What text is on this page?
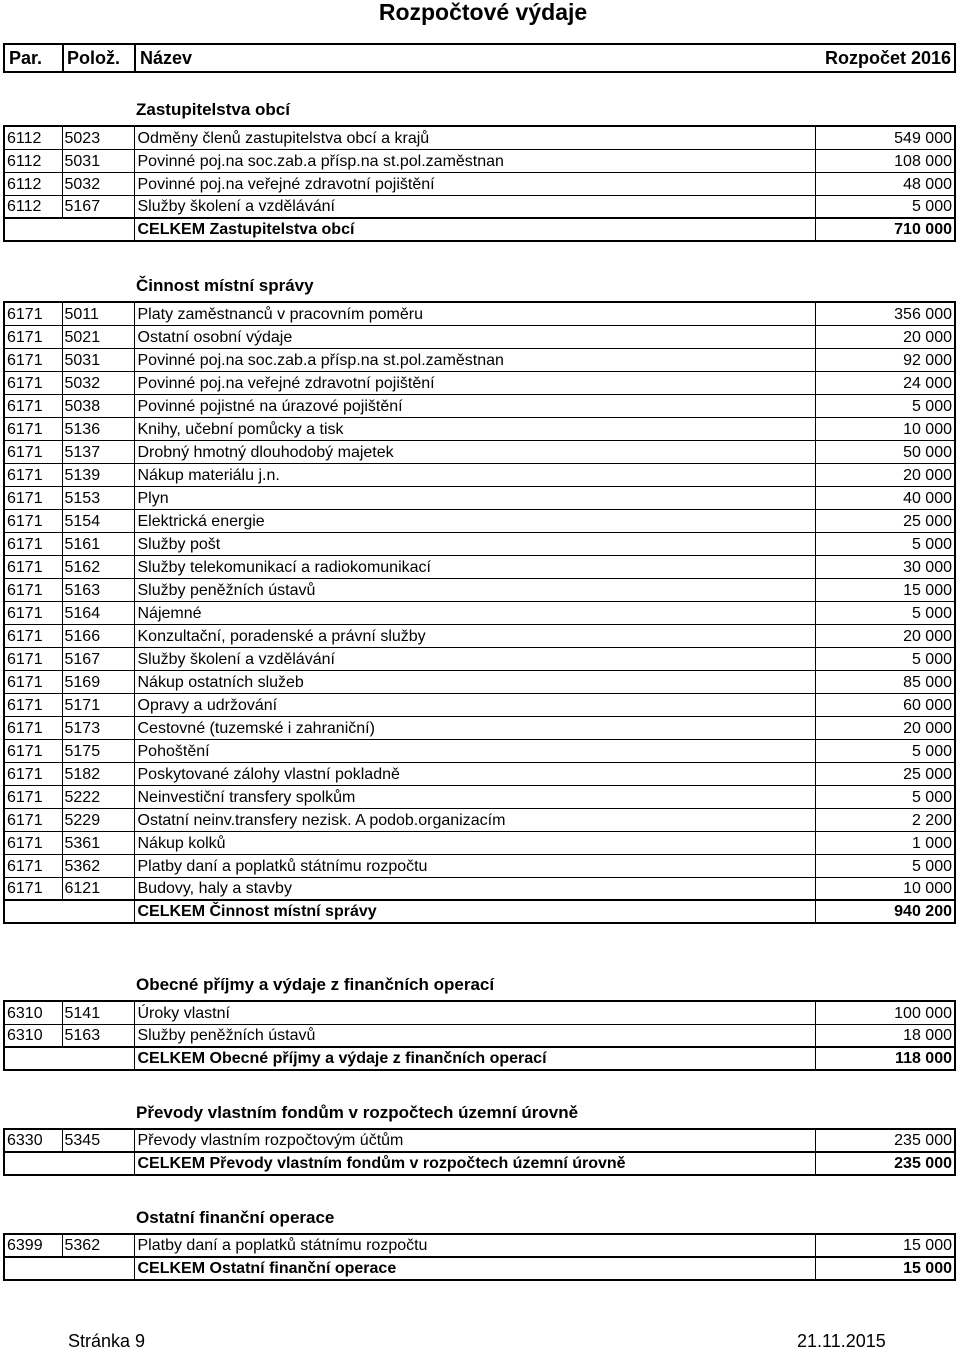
Rozpočtové výdaje
Par.	Polož.	Název	Rozpočet 2016
Zastupitelstva obcí
6112	5023	Odměny členů zastupitelstva obcí a krajů	549 000
6112	5031	Povinné poj.na soc.zab.a přísp.na st.pol.zaměstnan	108 000
6112	5032	Povinné poj.na veřejné zdravotní pojištění	48 000
6112	5167	Služby školení a vzdělávání	5 000
		CELKEM Zastupitelstva obcí	710 000
Činnost místní správy
6171	5011	Platy zaměstnanců v pracovním poměru	356 000
6171	5021	Ostatní osobní výdaje	20 000
6171	5031	Povinné poj.na soc.zab.a přísp.na st.pol.zaměstnan	92 000
6171	5032	Povinné poj.na veřejné zdravotní pojištění	24 000
6171	5038	Povinné pojistné na úrazové pojištění	5 000
6171	5136	Knihy, učební pomůcky a tisk	10 000
6171	5137	Drobný hmotný dlouhodobý majetek	50 000
6171	5139	Nákup materiálu j.n.	20 000
6171	5153	Plyn	40 000
6171	5154	Elektrická energie	25 000
6171	5161	Služby pošt	5 000
6171	5162	Služby telekomunikací a radiokomunikací	30 000
6171	5163	Služby peněžních ústavů	15 000
6171	5164	Nájemné	5 000
6171	5166	Konzultační, poradenské a právní služby	20 000
6171	5167	Služby školení a vzdělávání	5 000
6171	5169	Nákup ostatních služeb	85 000
6171	5171	Opravy a udržování	60 000
6171	5173	Cestovné (tuzemské i zahraniční)	20 000
6171	5175	Pohoštění	5 000
6171	5182	Poskytované zálohy vlastní pokladně	25 000
6171	5222	Neinvestiční transfery spolkům	5 000
6171	5229	Ostatní neinv.transfery nezisk. A podob.organizacím	2 200
6171	5361	Nákup kolků	1 000
6171	5362	Platby daní a poplatků státnímu rozpočtu	5 000
6171	6121	Budovy, haly a stavby	10 000
		CELKEM Činnost místní správy	940 200
Obecné příjmy a výdaje z finančních operací
6310	5141	Úroky vlastní	100 000
6310	5163	Služby peněžních ústavů	18 000
		CELKEM Obecné příjmy a výdaje z finančních operací	118 000
Převody vlastním fondům v rozpočtech územní úrovně
6330	5345	Převody vlastním rozpočtovým účtům	235 000
		CELKEM Převody vlastním fondům v rozpočtech územní úrovně	235 000
Ostatní finanční operace
6399	5362	Platby daní a poplatků státnímu rozpočtu	15 000
		CELKEM Ostatní finanční operace	15 000
Stránka 9	21.11.2015
